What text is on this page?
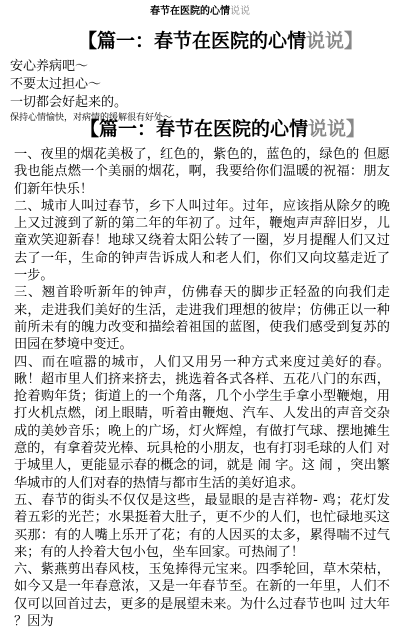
春节在医院的心情说说
【篇一：春节在医院的心情说说】
安心养病吧～
不要太过担心～
一切都会好起来的。
保持心情愉快，对病情的缓解很有好处～
【篇一：春节在医院的心情说说】

一、夜里的烟花美极了，红色的，紫色的，蓝色的，绿色的 但愿我也能点燃一个美丽的烟花，啊，我要给你们温暖的祝福：朋友们新年快乐！

二、城市人叫过春节，乡下人叫过年。过年，应该指从除夕的晚上又过渡到了新的第二年的年初了。过年，鞭炮声声辞旧岁，儿童欢笑迎新春！地球又绕着太阳公转了一圈，岁月提醒人们又过去了一年，生命的钟声告诉成人和老人们，你们又向坟墓走近了一步。

三、翘首聆听新年的钟声，仿佛春天的脚步正轻盈的向我们走来，走进我们美好的生活，走进我们理想的彼岸；仿佛正以一种前所未有的魄力改变和描绘着祖国的蓝图，使我们感受到复苏的田园在梦境中变迁。

四、而在喧嚣的城市，人们又用另一种方式来度过美好的春。瞅！超市里人们挤来挤去，挑选着各式各样、五花八门的东西，抢着购年货；街道上的一个角落，几个小学生手拿小型鞭炮，用打火机点燃，闭上眼睛，听着由鞭炮、汽车、人发出的声音交杂成的美妙音乐；晚上的广场，灯火辉煌，有做打气球、摆地摊生意的，有拿着荧光棒、玩具枪的小朋友，也有打羽毛球的人们 对于城里人，更能显示春的概念的词，就是 闹 字。这 闹 ，突出繁华城市的人们对春的热情与都市生活的美好追求。

五、春节的街头不仅仅是这些，最显眼的是吉祥物- 鸡；花灯发着五彩的光芒；水果挺着大肚子，更不少的人们，也忙碌地买这买那：有的人嘴上乐开了花；有的人因买的太多，累得喘不过气来；有的人拎着大包小包，坐车回家。可热闹了！

六、紫燕剪出春风枝，玉兔捧得元宝来。四季轮回，草木荣枯，如今又是一年春意浓，又是一年春节至。在新的一年里，人们不仅可以回首过去，更多的是展望未来。为什么过春节也叫 过大年 ？因为
